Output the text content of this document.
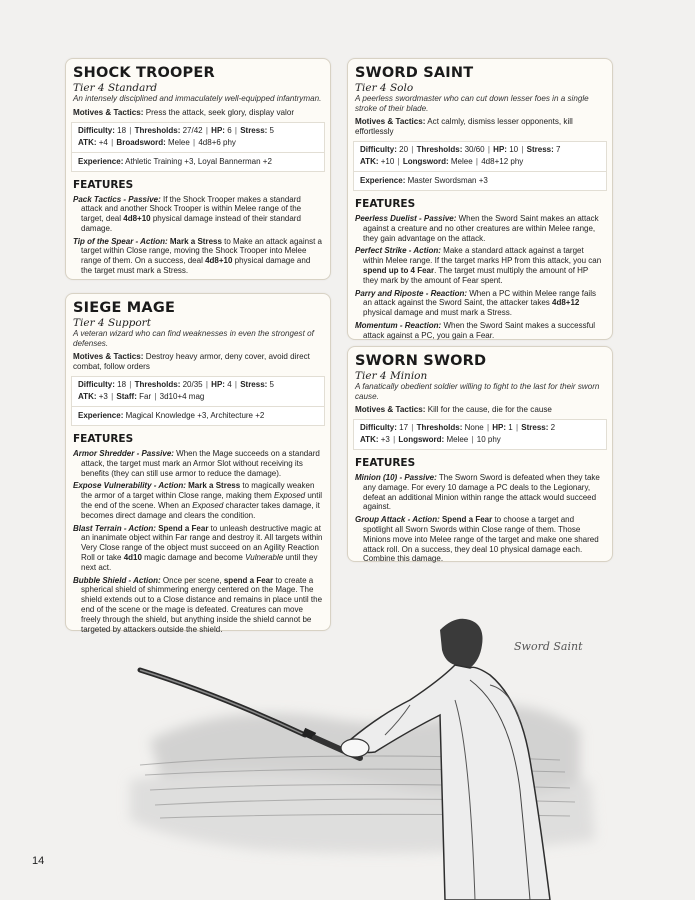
SHOCK TROOPER
Tier 4 Standard
An intensely disciplined and immaculately well-equipped infantryman.
Motives & Tactics: Press the attack, seek glory, display valor
Difficulty: 18 | Thresholds: 27/42 | HP: 6 | Stress: 5
ATK: +4 | Broadsword: Melee | 4d8+6 phy
Experience: Athletic Training +3, Loyal Bannerman +2
FEATURES
Pack Tactics - Passive: If the Shock Trooper makes a standard attack and another Shock Trooper is within Melee range of the target, deal 4d8+10 physical damage instead of their standard damage.
Tip of the Spear - Action: Mark a Stress to Make an attack against a target within Close range, moving the Shock Trooper into Melee range of them. On a success, deal 4d8+10 physical damage and the target must mark a Stress.
SIEGE MAGE
Tier 4 Support
A veteran wizard who can find weaknesses in even the strongest of defenses.
Motives & Tactics: Destroy heavy armor, deny cover, avoid direct combat, follow orders
Difficulty: 18 | Thresholds: 20/35 | HP: 4 | Stress: 5
ATK: +3 | Staff: Far | 3d10+4 mag
Experience: Magical Knowledge +3, Architecture +2
FEATURES
Armor Shredder - Passive: When the Mage succeeds on a standard attack, the target must mark an Armor Slot without receiving its benefits (they can still use armor to reduce the damage).
Expose Vulnerability - Action: Mark a Stress to magically weaken the armor of a target within Close range, making them Exposed until the end of the scene. When an Exposed character takes damage, it becomes direct damage and clears the condition.
Blast Terrain - Action: Spend a Fear to unleash destructive magic at an inanimate object within Far range and destroy it. All targets within Very Close range of the object must succeed on an Agility Reaction Roll or take 4d10 magic damage and become Vulnerable until they next act.
Bubble Shield - Action: Once per scene, spend a Fear to create a spherical shield of shimmering energy centered on the Mage. The shield extends out to a Close distance and remains in place until the end of the scene or the mage is defeated. Creatures can move freely through the shield, but anything inside the shield cannot be targeted by attackers outside the shield.
SWORD SAINT
Tier 4 Solo
A peerless swordmaster who can cut down lesser foes in a single stroke of their blade.
Motives & Tactics: Act calmly, dismiss lesser opponents, kill effortlessly
Difficulty: 20 | Thresholds: 30/60 | HP: 10 | Stress: 7
ATK: +10 | Longsword: Melee | 4d8+12 phy
Experience: Master Swordsman +3
FEATURES
Peerless Duelist - Passive: When the Sword Saint makes an attack against a creature and no other creatures are within Melee range, they gain advantage on the attack.
Perfect Strike - Action: Make a standard attack against a target within Melee range. If the target marks HP from this attack, you can spend up to 4 Fear. The target must multiply the amount of HP they mark by the amount of Fear spent.
Parry and Riposte - Reaction: When a PC within Melee range fails an attack against the Sword Saint, the attacker takes 4d8+12 physical damage and must mark a Stress.
Momentum - Reaction: When the Sword Saint makes a successful attack against a PC, you gain a Fear.
SWORN SWORD
Tier 4 Minion
A fanatically obedient soldier willing to fight to the last for their sworn cause.
Motives & Tactics: Kill for the cause, die for the cause
Difficulty: 17 | Thresholds: None | HP: 1 | Stress: 2
ATK: +3 | Longsword: Melee | 10 phy
FEATURES
Minion (10) - Passive: The Sworn Sword is defeated when they take any damage. For every 10 damage a PC deals to the Legionary, defeat an additional Minion within range the attack would succeed against.
Group Attack - Action: Spend a Fear to choose a target and spotlight all Sworn Swords within Close range of them. Those Minions move into Melee range of the target and make one shared attack roll. On a success, they deal 10 physical damage each. Combine this damage.
Sword Saint
14
